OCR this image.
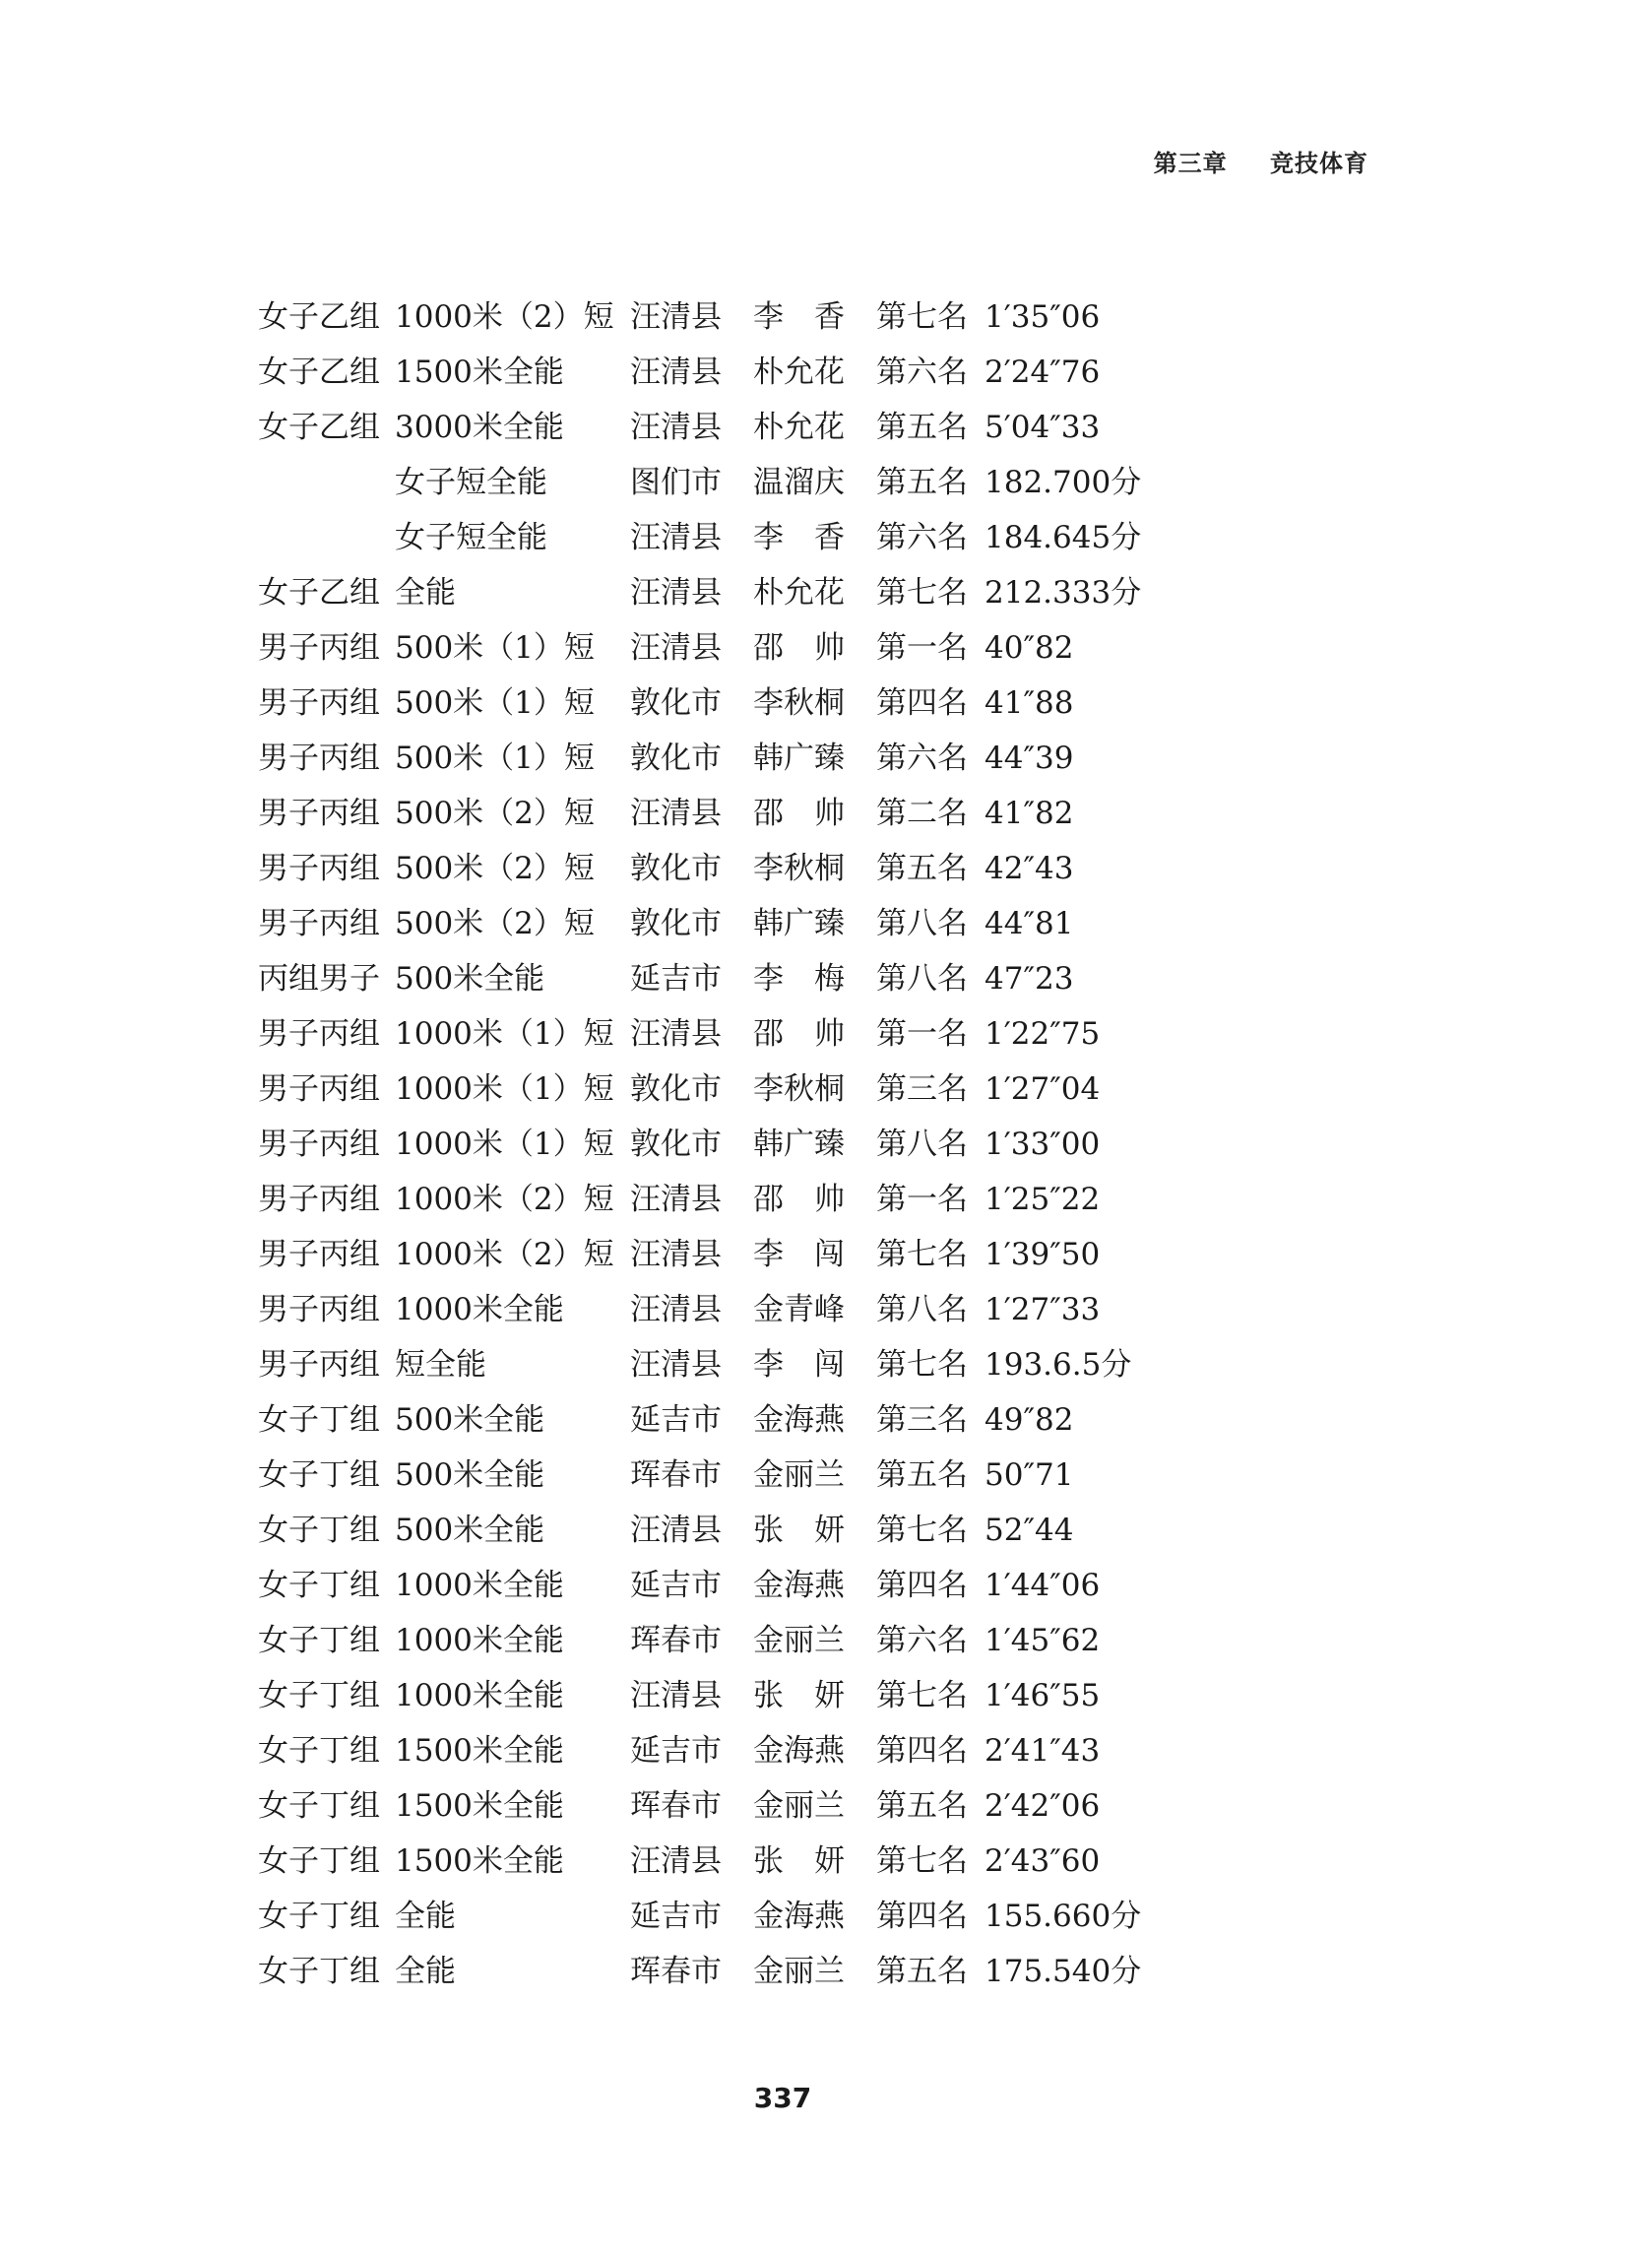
第三章 竞技体育
女子乙组 1000米（2）短 汪清县 李　香 第七名 1′35″06
女子乙组 1500米全能 汪清县 朴允花 第六名 2′24″76
女子乙组 3000米全能 汪清县 朴允花 第五名 5′04″33
女子短全能	图们市 温溜庆 第五名 182.700分
女子短全能	汪清县 李　香 第六名 184.645分
女子乙组 全能	汪清县 朴允花 第七名 212.333分
男子丙组 500米（1）短 汪清县 邵　帅 第一名 40″82
男子丙组 500米（1）短 敦化市 李秋桐 第四名 41″88
男子丙组 500米（1）短 敦化市 韩广臻 第六名 44″39
男子丙组 500米（2）短 汪清县 邵　帅 第二名 41″82
男子丙组 500米（2）短 敦化市 李秋桐 第五名 42″43
男子丙组 500米（2）短 敦化市 韩广臻 第八名 44″81
丙组男子 500米全能	延吉市 李　梅 第八名 47″23
男子丙组 1000米（1）短 汪清县 邵　帅 第一名 1′22″75
男子丙组 1000米（1）短 敦化市 李秋桐 第三名 1′27″04
男子丙组 1000米（1）短 敦化市 韩广臻 第八名 1′33″00
男子丙组 1000米（2）短 汪清县 邵　帅 第一名 1′25″22
男子丙组 1000米（2）短 汪清县 李　闯 第七名 1′39″50
男子丙组 1000米全能 汪清县 金青峰 第八名 1′27″33
男子丙组 短全能	汪清县 李　闯 第七名 193.6.5分
女子丁组 500米全能	延吉市 金海燕 第三名 49″82
女子丁组 500米全能	珲春市 金丽兰 第五名 50″71
女子丁组 500米全能	汪清县 张　妍 第七名 52″44
女子丁组 1000米全能 延吉市 金海燕 第四名 1′44″06
女子丁组 1000米全能 珲春市 金丽兰 第六名 1′45″62
女子丁组 1000米全能 汪清县 张　妍 第七名 1′46″55
女子丁组 1500米全能 延吉市 金海燕 第四名 2′41″43
女子丁组 1500米全能 珲春市 金丽兰 第五名 2′42″06
女子丁组 1500米全能 汪清县 张　妍 第七名 2′43″60
女子丁组 全能	延吉市 金海燕 第四名 155.660分
女子丁组 全能	珲春市 金丽兰 第五名 175.540分
337
